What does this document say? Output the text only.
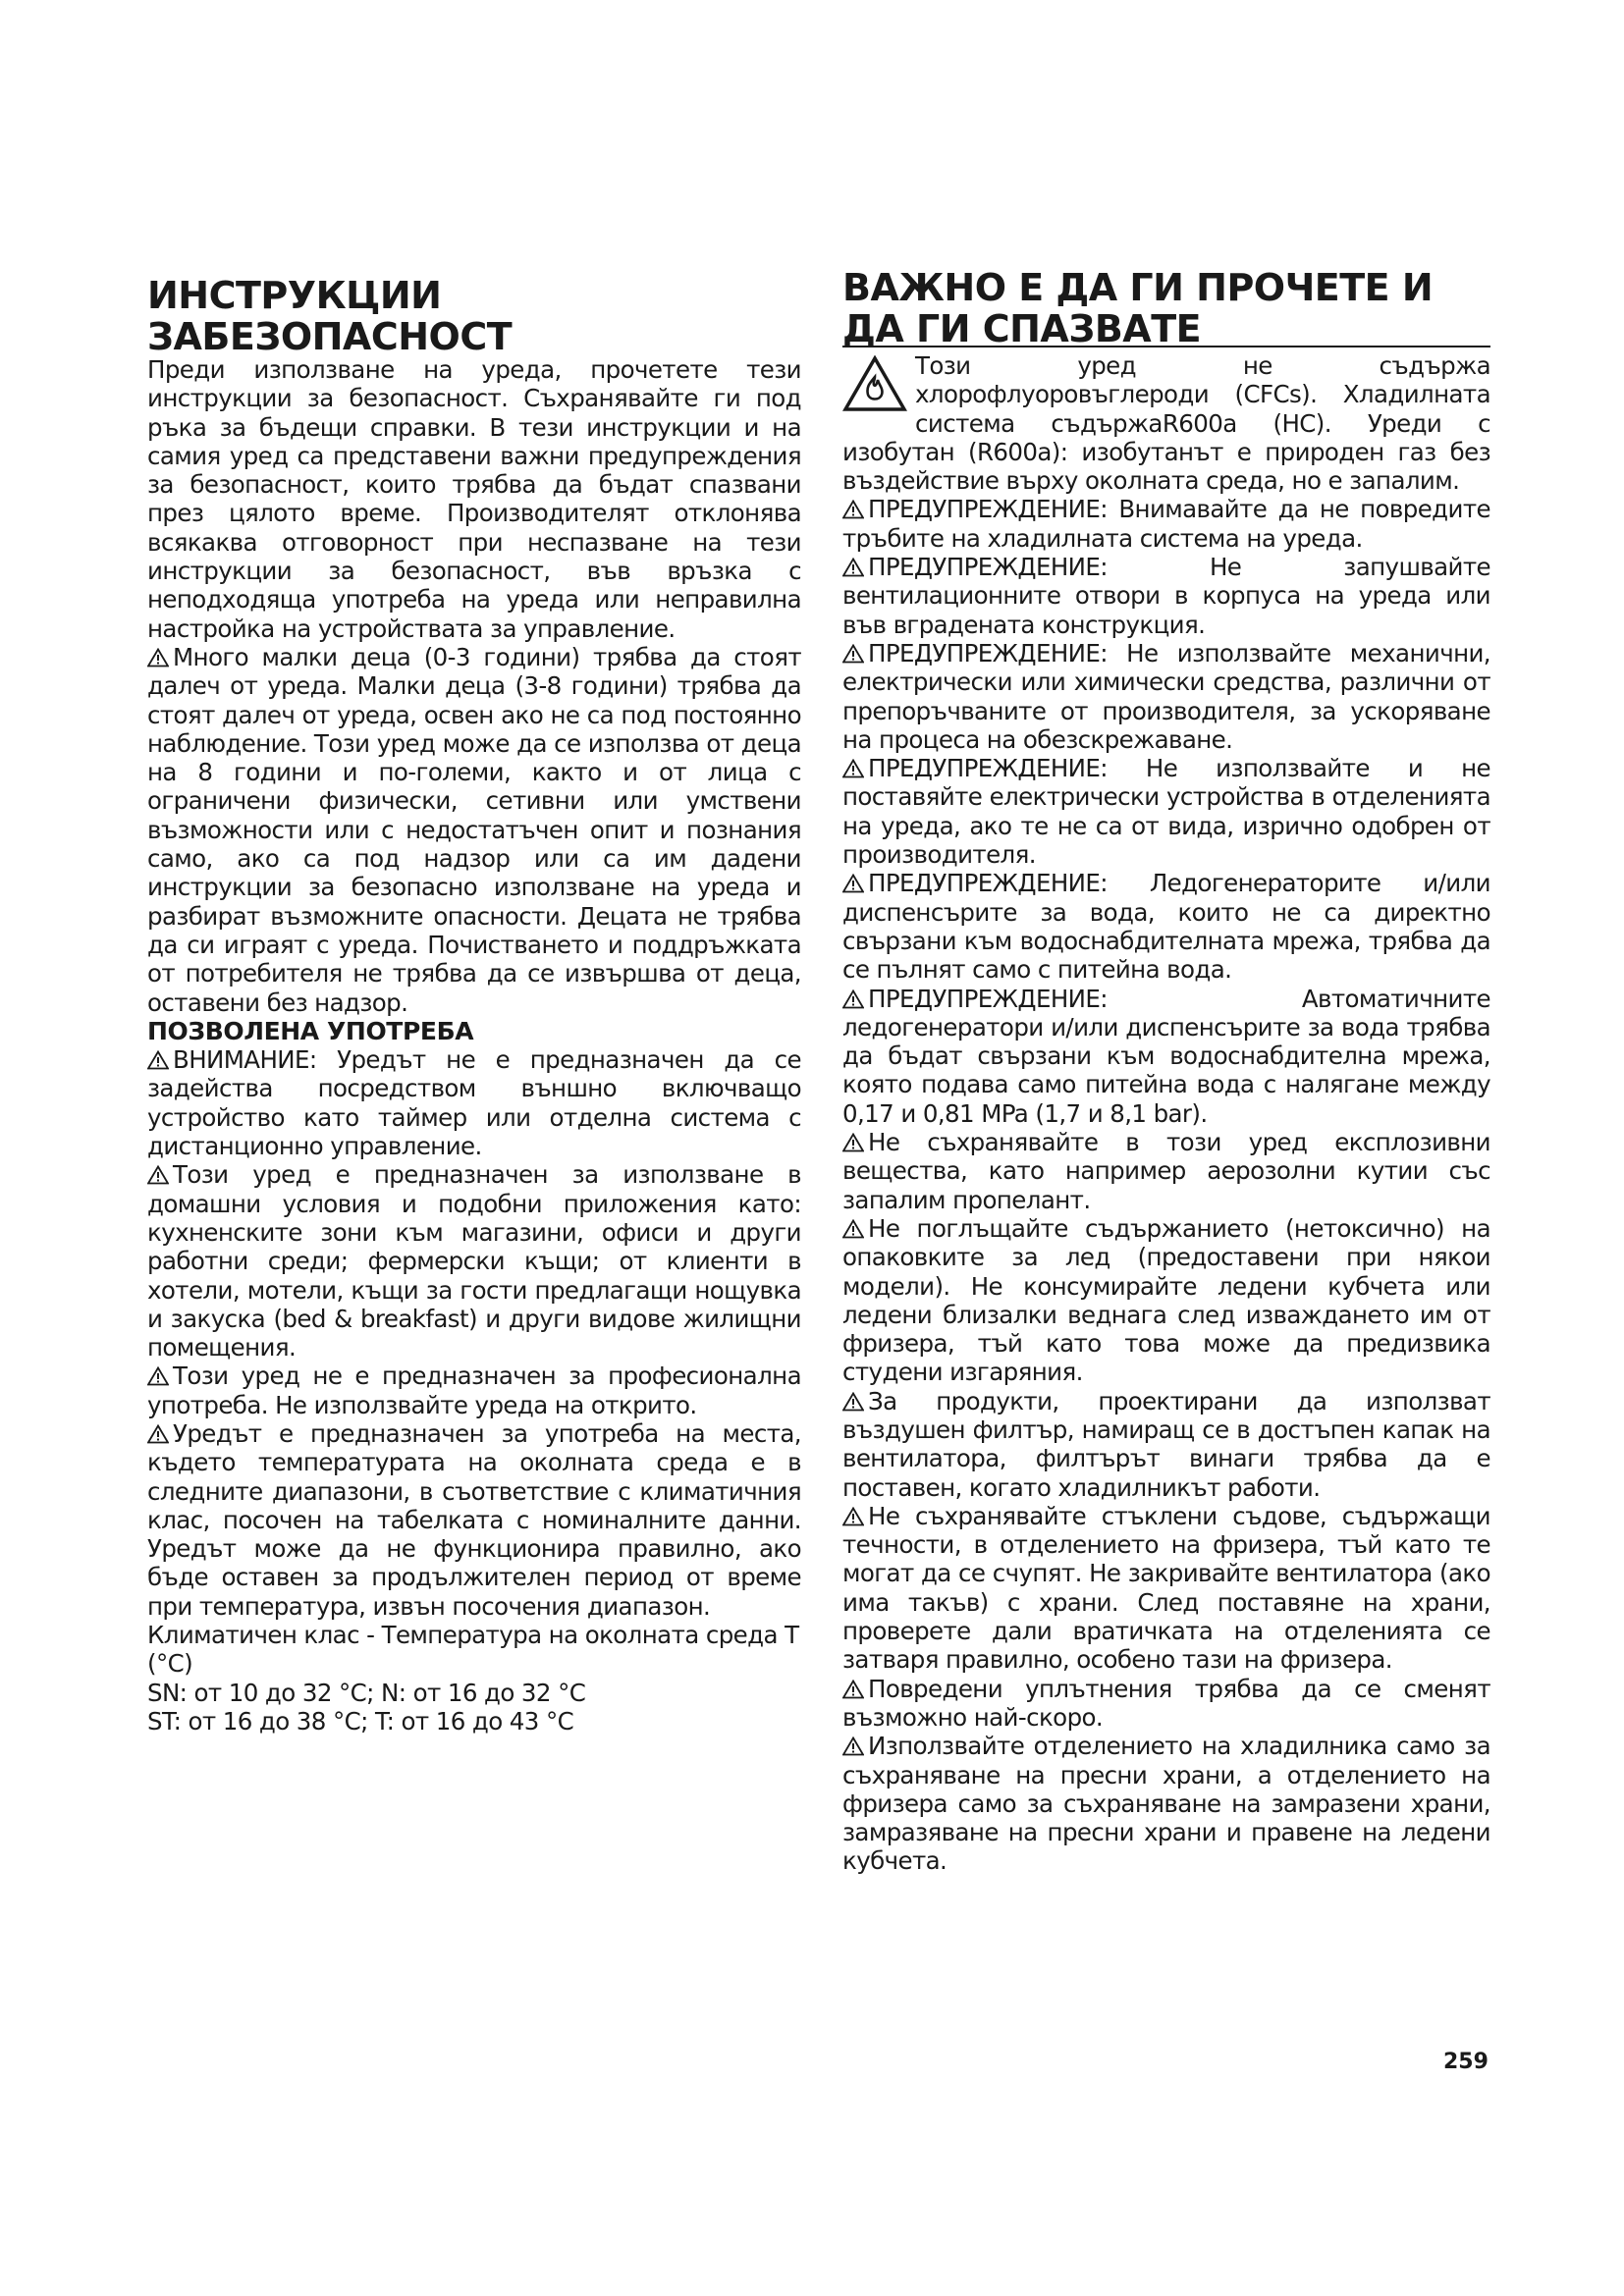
ИНСТРУКЦИИ ЗАБЕЗОПАСНОСТ

Преди използване на уреда, прочетете тези инструкции за безопасност. Съхранявайте ги под ръка за бъдещи справки. В тези инструкции и на самия уред са представени важни предупреждения за безопасност, които трябва да бъдат спазвани през цялото време. Производителят отклонява всякаква отговорност при неспазване на тези инструкции за безопасност, във връзка с неподходяща употреба на уреда или неправилна настройка на устройствата за управление.

Много малки деца (0-3 години) трябва да стоят далеч от уреда. Малки деца (3-8 години) трябва да стоят далеч от уреда, освен ако не са под постоянно наблюдение. Този уред може да се използва от деца на 8 години и по-големи, както и от лица с ограничени физически, сетивни или умствени възможности или с недостатъчен опит и познания само, ако са под надзор или са им дадени инструкции за безопасно използване на уреда и разбират възможните опасности. Децата не трябва да си играят с уреда. Почистването и поддръжката от потребителя не трябва да се извършва от деца, оставени без надзор.

ПОЗВОЛЕНА УПОТРЕБА

ВНИМАНИЕ: Уредът не е предназначен да се задейства посредством външно включващо устройство като таймер или отделна система с дистанционно управление.

Този уред е предназначен за използване в домашни условия и подобни приложения като: кухненските зони към магазини, офиси и други работни среди; фермерски къщи; от клиенти в хотели, мотели, къщи за гости предлагащи нощувка и закуска (bed & breakfast) и други видове жилищни помещения.

Този уред не е предназначен за професионална употреба. Не използвайте уреда на открито.

Уредът е предназначен за употреба на места, където температурата на околната среда е в следните диапазони, в съответствие с климатичния клас, посочен на табелката с номиналните данни. Уредът може да не функционира правилно, ако бъде оставен за продължителен период от време при температура, извън посочения диапазон.

Климатичен клас - Температура на околната среда T (°C)

SN: от 10 до 32 °C; N: от 16 до 32 °C

ST: от 16 до 38 °C; T: от 16 до 43 °C

ВАЖНО Е ДА ГИ ПРОЧЕТЕ И ДА ГИ СПАЗВАТЕ

Този уред не съдържа хлорофлуоровъглероди (CFCs). Хладилната система съдържаR600a (HC). Уреди с изобутан (R600a): изобутанът е природен газ без въздействие върху околната среда, но е запалим.

ПРЕДУПРЕЖДЕНИЕ: Внимавайте да не повредите тръбите на хладилната система на уреда.

ПРЕДУПРЕЖДЕНИЕ: Не запушвайте вентилационните отвори в корпуса на уреда или във вградената конструкция.

ПРЕДУПРЕЖДЕНИЕ: Не използвайте механични, електрически или химически средства, различни от препоръчваните от производителя, за ускоряване на процеса на обезскрежаване.

ПРЕДУПРЕЖДЕНИЕ: Не използвайте и не поставяйте електрически устройства в отделенията на уреда, ако те не са от вида, изрично одобрен от производителя.

ПРЕДУПРЕЖДЕНИЕ: Ледогенераторите и/или диспенсърите за вода, които не са директно свързани към водоснабдителната мрежа, трябва да се пълнят само с питейна вода.

ПРЕДУПРЕЖДЕНИЕ: Автоматичните ледогенератори и/или диспенсърите за вода трябва да бъдат свързани към водоснабдителна мрежа, която подава само питейна вода с налягане между 0,17 и 0,81 MPa (1,7 и 8,1 bar).

Не съхранявайте в този уред експлозивни вещества, като например аерозолни кутии със запалим пропелант.

Не поглъщайте съдържанието (нетоксично) на опаковките за лед (предоставени при някои модели). Не консумирайте ледени кубчета или ледени близалки веднага след изваждането им от фризера, тъй като това може да предизвика студени изгаряния.

За продукти, проектирани да използват въздушен филтър, намиращ се в достъпен капак на вентилатора, филтърът винаги трябва да е поставен, когато хладилникът работи.

Не съхранявайте стъклени съдове, съдържащи течности, в отделението на фризера, тъй като те могат да се счупят. Не закривайте вентилатора (ако има такъв) с храни. След поставяне на храни, проверете дали вратичката на отделенията се затваря правилно, особено тази на фризера.

Повредени уплътнения трябва да се сменят възможно най-скоро.

Използвайте отделението на хладилника само за съхраняване на пресни храни, а отделението на фризера само за съхраняване на замразени храни, замразяване на пресни храни и правене на ледени кубчета.

259
